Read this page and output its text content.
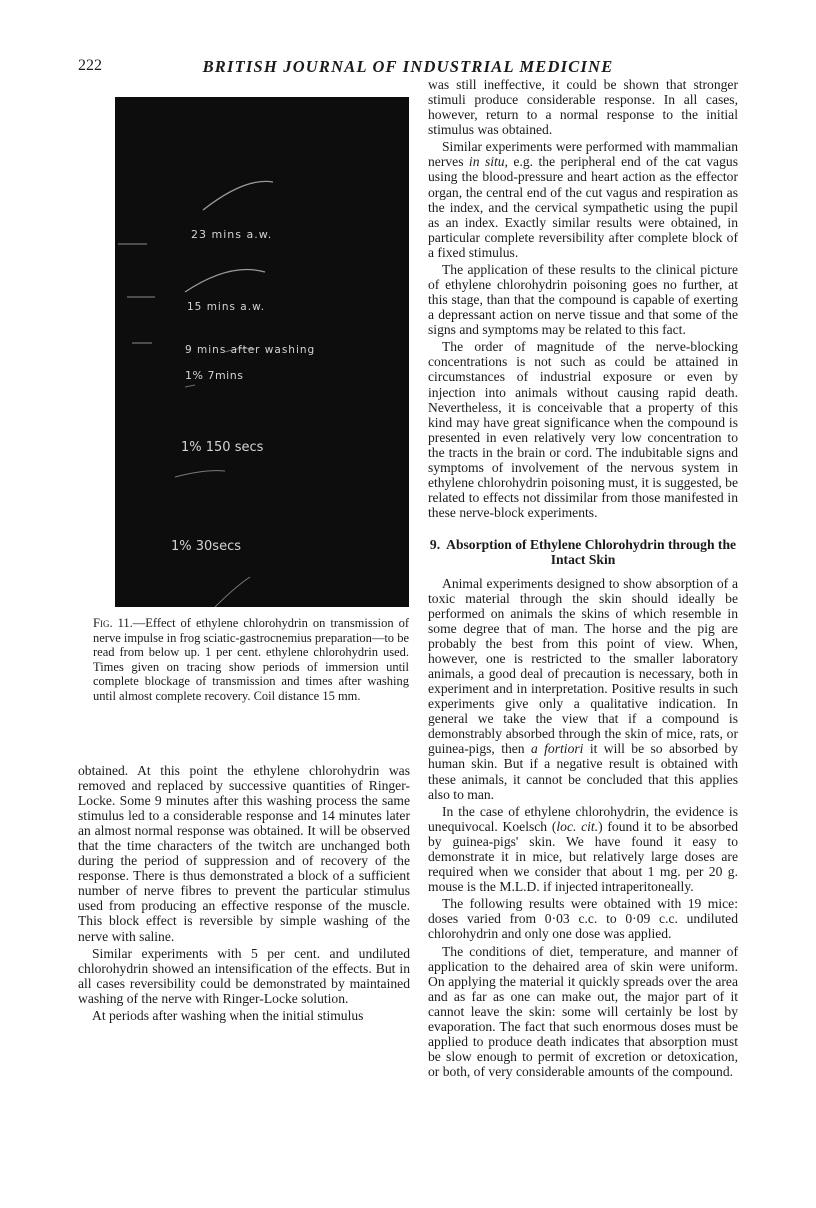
222	BRITISH JOURNAL OF INDUSTRIAL MEDICINE
23 mins a.w.
15 mins a.w.
9 mins after washing
1% 7mins
1% 150 secs
1% 30secs
Fig. 11.—Effect of ethylene chlorohydrin on transmission of nerve impulse in frog sciatic-gastrocnemius preparation—to be read from below up. 1 per cent. ethylene chlorohydrin used. Times given on tracing show periods of immersion until complete blockage of transmission and times after washing until almost complete recovery. Coil distance 15 mm.

obtained. At this point the ethylene chlorohydrin was removed and replaced by successive quantities of Ringer-Locke. Some 9 minutes after this washing process the same stimulus led to a considerable response and 14 minutes later an almost normal response was obtained. It will be observed that the time characters of the twitch are unchanged both during the period of suppression and of recovery of the response. There is thus demonstrated a block of a sufficient number of nerve fibres to prevent the particular stimulus used from producing an effective response of the muscle. This block effect is reversible by simple washing of the nerve with saline.

Similar experiments with 5 per cent. and undiluted chlorohydrin showed an intensification of the effects. But in all cases reversibility could be demonstrated by maintained washing of the nerve with Ringer-Locke solution.

At periods after washing when the initial stimulus

was still ineffective, it could be shown that stronger stimuli produce considerable response. In all cases, however, return to a normal response to the initial stimulus was obtained.

Similar experiments were performed with mammalian nerves in situ, e.g. the peripheral end of the cat vagus using the blood-pressure and heart action as the effector organ, the central end of the cut vagus and respiration as the index, and the cervical sympathetic using the pupil as an index. Exactly similar results were obtained, in particular complete reversibility after complete block of a fixed stimulus.

The application of these results to the clinical picture of ethylene chlorohydrin poisoning goes no further, at this stage, than that the compound is capable of exerting a depressant action on nerve tissue and that some of the signs and symptoms may be related to this fact.

The order of magnitude of the nerve-blocking concentrations is not such as could be attained in circumstances of industrial exposure or even by injection into animals without causing rapid death. Nevertheless, it is conceivable that a property of this kind may have great significance when the compound is presented in even relatively very low concentration to the tracts in the brain or cord. The indubitable signs and symptoms of involvement of the nervous system in ethylene chlorohydrin poisoning must, it is suggested, be related to effects not dissimilar from those manifested in these nerve-block experiments.

9. Absorption of Ethylene Chlorohydrin through the Intact Skin

Animal experiments designed to show absorption of a toxic material through the skin should ideally be performed on animals the skins of which resemble in some degree that of man. The horse and the pig are probably the best from this point of view. When, however, one is restricted to the smaller laboratory animals, a good deal of precaution is necessary, both in experiment and in interpretation. Positive results in such experiments give only a qualitative indication. In general we take the view that if a compound is demonstrably absorbed through the skin of mice, rats, or guinea-pigs, then a fortiori it will be so absorbed by human skin. But if a negative result is obtained with these animals, it cannot be concluded that this applies also to man.

In the case of ethylene chlorohydrin, the evidence is unequivocal. Koelsch (loc. cit.) found it to be absorbed by guinea-pigs' skin. We have found it easy to demonstrate it in mice, but relatively large doses are required when we consider that about 1 mg. per 20 g. mouse is the M.L.D. if injected intraperitoneally.

The following results were obtained with 19 mice: doses varied from 0·03 c.c. to 0·09 c.c. undiluted chlorohydrin and only one dose was applied.

The conditions of diet, temperature, and manner of application to the dehaired area of skin were uniform. On applying the material it quickly spreads over the area and as far as one can make out, the major part of it cannot leave the skin: some will certainly be lost by evaporation. The fact that such enormous doses must be applied to produce death indicates that absorption must be slow enough to permit of excretion or detoxication, or both, of very considerable amounts of the compound.
